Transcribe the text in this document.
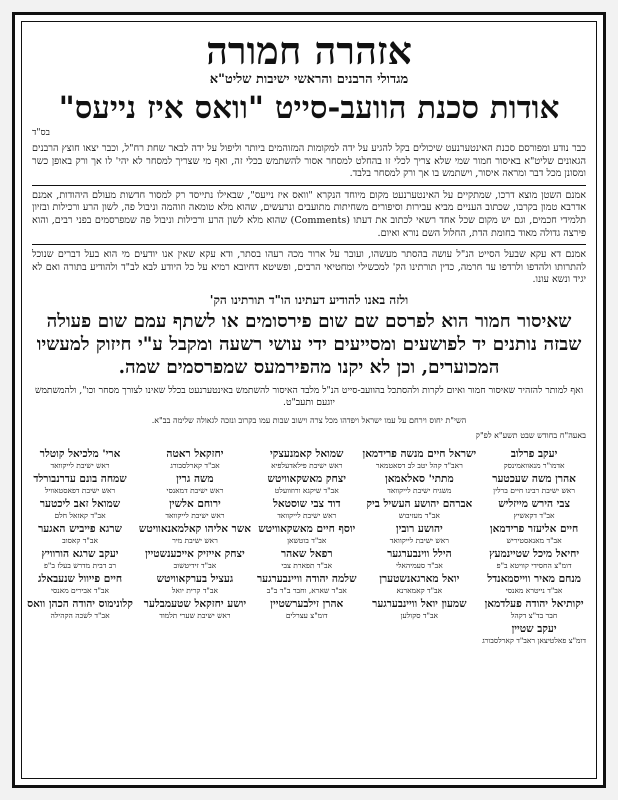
אזהרה חמורה
מגדולי הרבנים והראשי ישיבות שליט"א
אודות סכנת הוועב-סייט "וואס איז נייעס"
בס"ד

כבר נודע ומפורסם סכנת האינטערנעט שיכולים בקל להגיע על ידה למקומות המזוהמים ביותר וליפול על ידה לבאר שחת רח"ל, וכבר יצאו חוצץ הרבנים הגאונים שליט"א באיסור חמור שמי שלא צריך לכלי זו בהחלט למסחר אסור להשתמש בכלי זה, ואף מי שצריך למסחר לא יהי' לו אך ורק באופן כשר ומסונן מכל דבר ומראה איסור, וישתמש בו אך ורק למסחר בלבד.

אמנם השטן מוצא דרכו, שמתקיים על האינטערנעט מקום מיוחד הנקרא "וואס איז נייעס", שבאילו נתייסד רק למסור חדשות מעולם היהודות, אמנם אדרבא טמון בקרבו, שכתוב העניים מביא עבירות וסיפורים משחיתות מתועבים ונרעשים, שהוא מלא טומאה וזוהמה וניבול פה, לשון הרע ורכילות ובזיון תלמידי חכמים, וגם יש מקום שכל אחד רשאי לכתוב את דעתו (Comments) שהוא מלא לשון הרע ורכילות וניבול פה שמפרסמים בפני רבים, והוא פירצה גדולה מאוד בחומת הדת, החלול השם נורא ואיום.

אמנם דא עקא שבעל הסייט הנ"ל עושה בהסתר מעשהו, ועובר על ארור מכה רעהו בסתר, ודא עקא שאין אנו יודעים מי הוא בעל דברים שנוכל להתרותו ולהדפו ולרדפו עד חרמה, כדין תורתינו הק' למכשילי ומחטיאי הרבים, ופשיטא דחיובא רמיא על כל היודע לבא לב"ד ולהודיע בתורה ואם לא יגיד ונשא עונו.

ולזה באנו להודיע דעתינו הו"ד תורתינו הק'
שאיסור חמור הוא לפרסם שם שום פירסומים או לשתף עמם שום פעולה שבזה נותנים יד לפושעים ומסייעים ידי עושי רשעה ומקבל ע"י חיזוק למעשיו המכוערים, וכן לא יקנו מהפירמעס שמפרסמים שמה.
ואף למותר להזהיר שאיסור חמור ואיום לקרות ולהסתכל בהוועב-סייט הנ"ל מלבד האיסור להשתמש באינטערנעט בכלל שאינו לצורך מסחר וכו", ולהמשתמש יוגעם ותעב"ט.
השי"ת יחוס וירחם על עמו ישראל ויפדהו מכל צרה וישוב שבות עמו בקרוב ונזכה לגאולה שלימה בב"א.
באעה"ח בחודש שבט תשע"א לפ"ק
יעקב פרלוב
אדמו"ר מנאוואמינסק
ישראל חיים מנשה פרידמאן
ראב"ד קהל יטב לב דסאטמאר
שמואל קאמנעצקי
ראש ישיבת פילאדעלפיא
יחזקאל ראטה
אב"ד קארלסבורג
ארי' מלכיאל קוטלר
ראש ישיבת לייקוואד
אהרן משה שעכטער
ראש ישיבת רבינו חיים ברלין
מתתי' סאלאמאן
משגיח ישיבת לייקוואד
יצחק מאשקאוויטש
אב"ד שיקגא ורוזוועלט
משה גרין
ראש ישיבת דמאנסי
שמחה בונם עדרנבורלד
ראש ישיבת דפאסטאוויל
צבי הירש מייזליש
אב"ד דקאשיץ
אברהם יהושע העשיל ביק
אב"ד מעזיבוש
דוד צבי שוסטאל
ראש ישיבת לייקוואד
ירוחם אלשין
ראש ישיבת לייקוואד
שמואל זאב ליכטער
אב"ד קאזאל חלם
חיים אליעזר פרידמאן
אב"ד מאנאסטיריש
יהושע רובין
ראש ישיבת לייקוואד
יוסף חיים מאשקאוויטש
אב"ד בוטשאן
אשר אליהו קאלמאנאוויטש
ראש ישיבת מיר
שרגא פייביש האגער
אב"ד קאסוב
יחיאל מיכל שטיינמעץ
דומ"צ החסידי קוויטא ב"פ
הילל ווינבערגער
אב"ד סעמיהאלי
רפאל שאהר
אב"ד תפארת צבי
יצחק אייזיק אייכענשטיין
אב"ד זידיטשוב
יעקב שרגא הורוויץ
רב דבית מדרש בעלז ב"פ
מנחם מאיר ווייסמאנדל
אב"ד נייטרא מאנסי
יואל מארגאנשטערן
אב"ד קאמארנא
שלמה יהודה וויינבערגער
אב"ד שארא, וחבר ב"ד ב"ב
געציל בערקאוויטש
אב"ד קרית יואל
חיים פייוול שנעבאלג
אב"ד אבירים מאנסי
יקותיאל יהודה פעלדמאן
חבר בד"צ דקהל
שמעון יואל וויינבערגער
אב"ד סקולען
אהרן זילבערשטיין
דומ"צ עצרלים
יושע יחזקאל שטעמבלער
ראש ישיבת שערי תלמוד
קלונימוס יהודה הכהן וואס
אב"ד לשכה הקהילה
יעקב שטיין
דומ"צ פאלטיצאן ראב"ד קארלסבורג
